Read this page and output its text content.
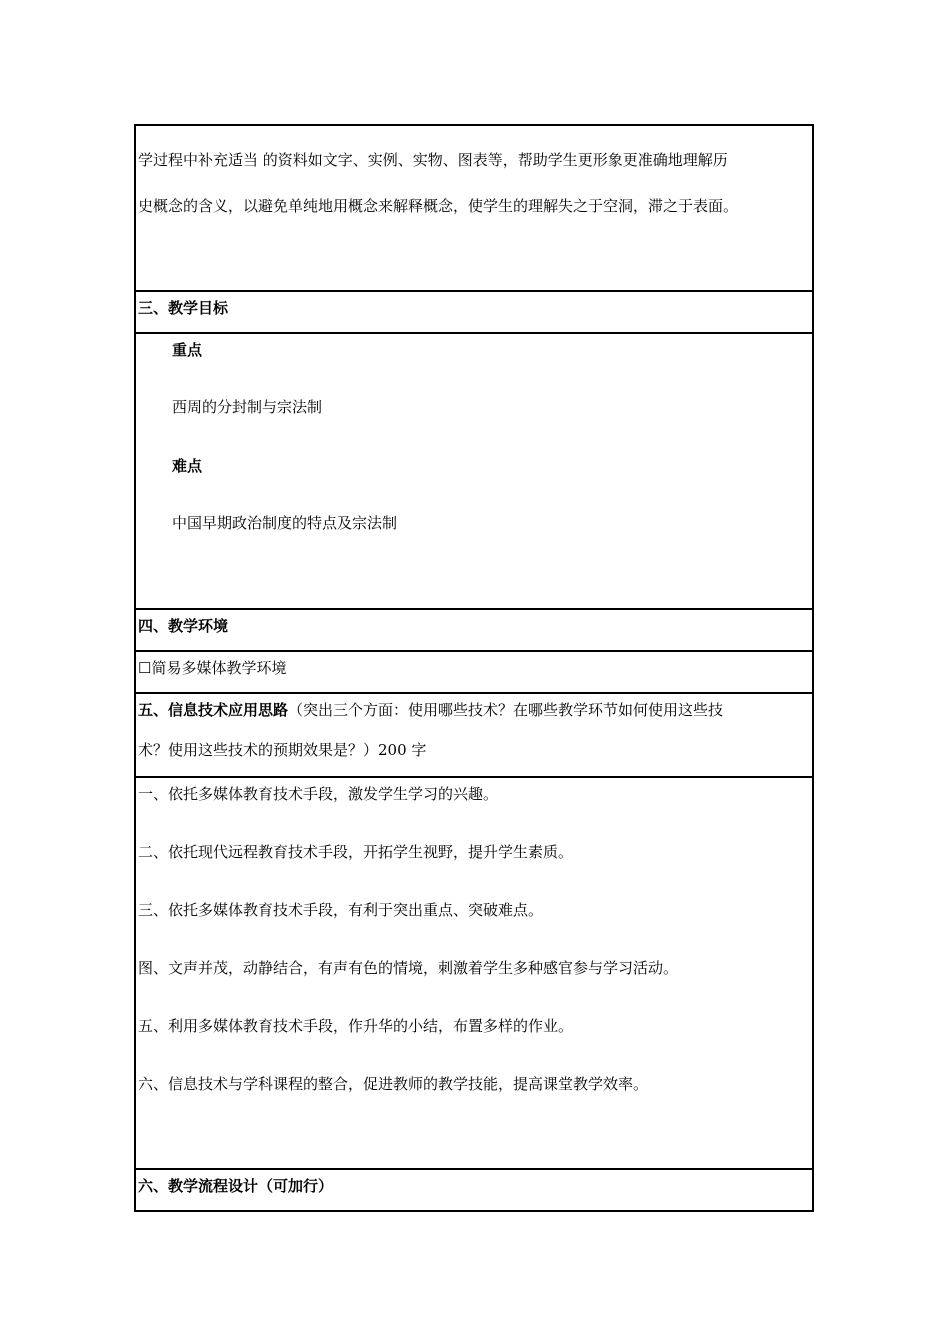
学过程中补充适当 的资料如文字、实例、实物、图表等，帮助学生更形象更准确地理解历
史概念的含义，以避免单纯地用概念来解释概念，使学生的理解失之于空洞，滞之于表面。
三、教学目标
重点
西周的分封制与宗法制
难点
中国早期政治制度的特点及宗法制
四、教学环境
☐简易多媒体教学环境
五、信息技术应用思路（突出三个方面：使用哪些技术？在哪些教学环节如何使用这些技
术？使用这些技术的预期效果是？）200 字
一、依托多媒体教育技术手段，激发学生学习的兴趣。
二、依托现代远程教育技术手段，开拓学生视野，提升学生素质。
三、依托多媒体教育技术手段，有利于突出重点、突破难点。
图、文声并茂，动静结合，有声有色的情境，刺激着学生多种感官参与学习活动。
五、利用多媒体教育技术手段，作升华的小结，布置多样的作业。
六、信息技术与学科课程的整合，促进教师的教学技能，提高课堂教学效率。
六、教学流程设计（可加行）
